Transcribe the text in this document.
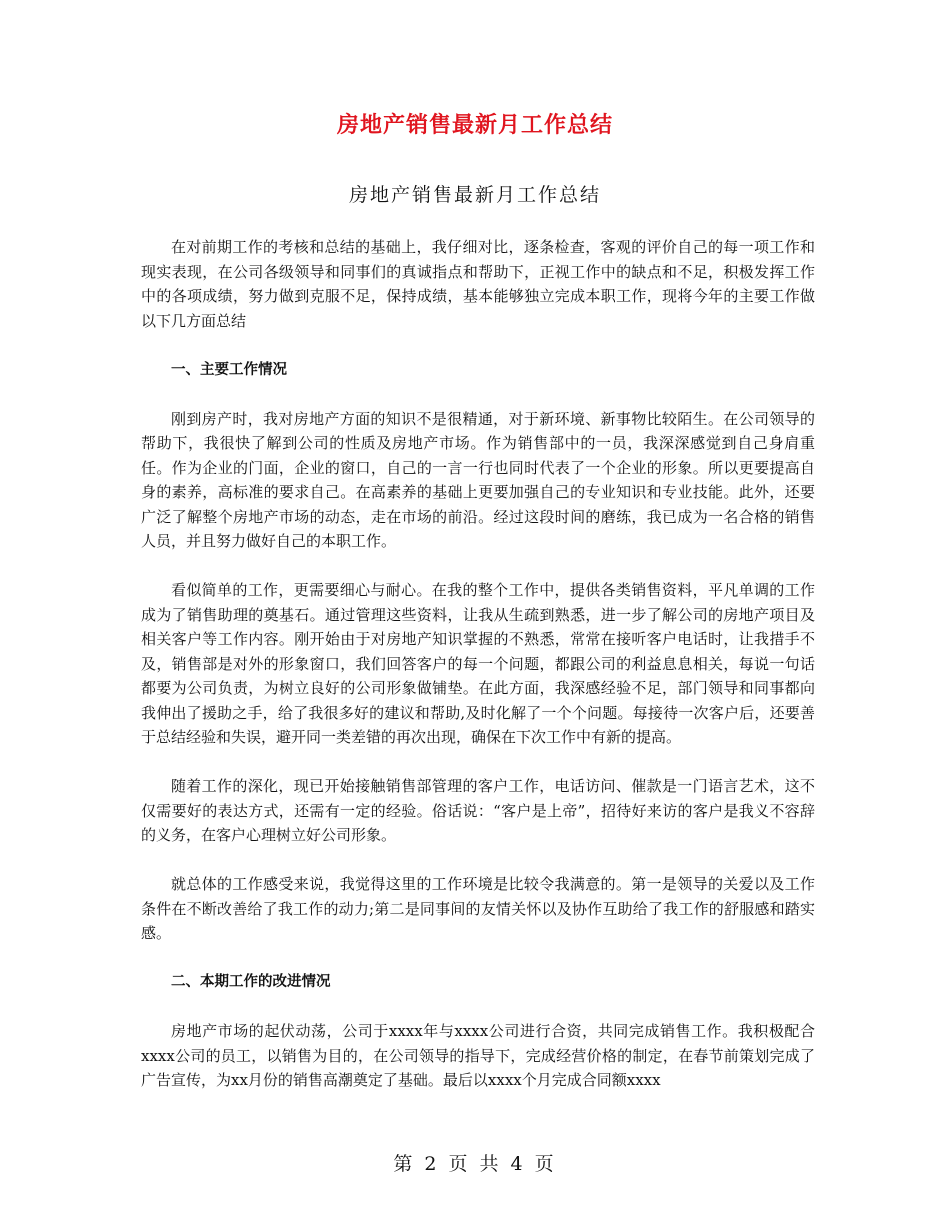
房地产销售最新月工作总结
房地产销售最新月工作总结

在对前期工作的考核和总结的基础上，我仔细对比，逐条检查，客观的评价自己的每一项工作和现实表现，在公司各级领导和同事们的真诚指点和帮助下，正视工作中的缺点和不足，积极发挥工作中的各项成绩，努力做到克服不足，保持成绩，基本能够独立完成本职工作，现将今年的主要工作做以下几方面总结

一、主要工作情况

刚到房产时，我对房地产方面的知识不是很精通，对于新环境、新事物比较陌生。在公司领导的帮助下，我很快了解到公司的性质及房地产市场。作为销售部中的一员，我深深感觉到自己身肩重任。作为企业的门面，企业的窗口，自己的一言一行也同时代表了一个企业的形象。所以更要提高自身的素养，高标准的要求自己。在高素养的基础上更要加强自己的专业知识和专业技能。此外，还要广泛了解整个房地产市场的动态，走在市场的前沿。经过这段时间的磨练，我已成为一名合格的销售人员，并且努力做好自己的本职工作。

看似简单的工作，更需要细心与耐心。在我的整个工作中，提供各类销售资料，平凡单调的工作成为了销售助理的奠基石。通过管理这些资料，让我从生疏到熟悉，进一步了解公司的房地产项目及相关客户等工作内容。刚开始由于对房地产知识掌握的不熟悉，常常在接听客户电话时，让我措手不及，销售部是对外的形象窗口，我们回答客户的每一个问题，都跟公司的利益息息相关，每说一句话都要为公司负责，为树立良好的公司形象做铺垫。在此方面，我深感经验不足，部门领导和同事都向我伸出了援助之手，给了我很多好的建议和帮助,及时化解了一个个问题。每接待一次客户后，还要善于总结经验和失误，避开同一类差错的再次出现，确保在下次工作中有新的提高。

随着工作的深化，现已开始接触销售部管理的客户工作，电话访问、催款是一门语言艺术，这不仅需要好的表达方式，还需有一定的经验。俗话说：“客户是上帝”，招待好来访的客户是我义不容辞的义务，在客户心理树立好公司形象。

就总体的工作感受来说，我觉得这里的工作环境是比较令我满意的。第一是领导的关爱以及工作条件在不断改善给了我工作的动力;第二是同事间的友情关怀以及协作互助给了我工作的舒服感和踏实感。

二、本期工作的改进情况

房地产市场的起伏动荡，公司于xxxx年与xxxx公司进行合资，共同完成销售工作。我积极配合xxxx公司的员工，以销售为目的，在公司领导的指导下，完成经营价格的制定，在春节前策划完成了广告宣传，为xx月份的销售高潮奠定了基础。最后以xxxx个月完成合同额xxxx

第 2 页 共 4 页
